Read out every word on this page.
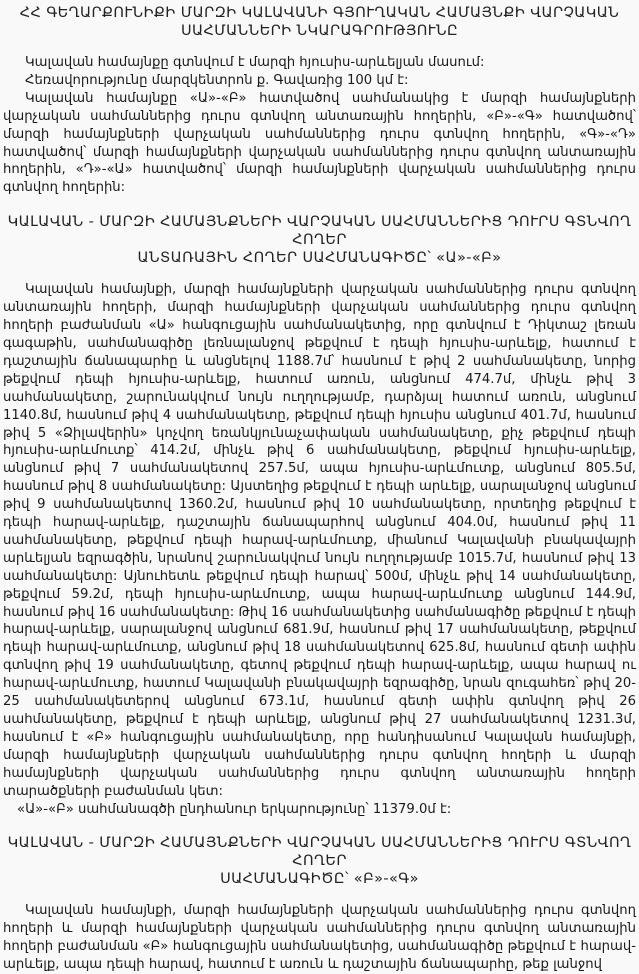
ՀՀ ԳԵՂԱՐՔՈՒՆԻՔԻ ՄԱՐԶԻ ԿԱԼԱՎԱՆԻ ԳՅՈՒՂԱԿԱՆ ՀԱՄԱՅՆՔԻ ՎԱՐՉԱԿԱՆ
ՍԱՀՄԱՆՆԵՐԻ ՆԿԱՐԱԳՐՈՒԹՅՈՒՆԸ
Կալավան համայնքը գտնվում է մարզի հյուսիս-արևելյան մասում:
Հեռավորությունը մարզկենտրոն ք. Գավառից 100 կմ է:

Կալավան համայնքը «Ա»-«Բ» հատվածով սահմանակից է մարզի համայնքների վարչական սահմաններից դուրս գտնվող անտառային հողերին, «Բ»-«Գ» հատվածով՝ մարզի համայնքների վարչական սահմաններից դուրս գտնվող հողերին, «Գ»-«Դ» հատվածով՝ մարզի համայնքների վարչական սահմաններից դուրս գտնվող անտառային հողերին, «Դ»-«Ա» հատվածով՝ մարզի համայնքների վարչական սահմաններից դուրս գտնվող հողերին:

ԿԱԼԱՎԱՆ - ՄԱՐԶԻ ՀԱՄԱՅՆՔՆԵՐԻ ՎԱՐՉԱԿԱՆ ՍԱՀՄԱՆՆԵՐԻՑ ԴՈՒՐՍ ԳՏՆՎՈՂ ՀՈՂԵՐ
ԱՆՏԱՌԱՅԻՆ ՀՈՂԵՐ ՍԱՀՄԱՆԱԳԻԾԸ՝ «Ա»-«Բ»

Կալավան համայնքի, մարզի համայնքների վարչական սահմաններից դուրս գտնվող անտառային հողերի, մարզի համայնքների վարչական սահմաններից դուրս գտնվող հողերի բաժանման «Ա» հանգուցային սահմանակետից, որը գտնվում է Դիկտաշ լեռան գագաթին, սահմանագիծը լեռնալանջով թեքվում է դեպի հյուսիս-արևելք, հատում է դաշտային ճանապարհը և անցնելով 1188.7մ՝ հասնում է թիվ 2 սահմանակետը, նորից թեքվում դեպի հյուսիս-արևելք, հատում առուն, անցնում 474.7մ, մինչև թիվ 3 սահմանակետը, շարունակվում նույն ուղղությամբ, դարձյալ հատում առուն, անցնում 1140.8մ, հասնում թիվ 4 սահմանակետը, թեքվում դեպի հյուսիս անցնում 401.7մ, հասնում թիվ 5 «Ձիլավերին» կոչվող եռանկյունաչափական սահմանակետը, քիչ թեքվում դեպի հյուսիս-արևմուտք՝ 414.2մ, մինչև թիվ 6 սահմանակետը, թեքվում հյուսիս-արևելք, անցնում թիվ 7 սահմանակետով 257.5մ, ապա հյուսիս-արևմուտք, անցնում 805.5մ, հասնում թիվ 8 սահմանակետը: Այստեղից թեքվում է դեպի արևելք, սարալանջով անցնում թիվ 9 սահմանակետով 1360.2մ, հասնում թիվ 10 սահմանակետը, որտեղից թեքվում է դեպի հարավ-արևելք, դաշտային ճանապարհով անցնում 404.0մ, հասնում թիվ 11 սահմանակետը, թեքվում դեպի հարավ-արևմուտք, միանում Կալավանի բնակավայրի արևելյան եզրագծին, նրանով շարունակվում նույն ուղղությամբ 1015.7մ, հասնում թիվ 13 սահմանակետը: Այնուհետև թեքվում դեպի հարավ՝ 500մ, մինչև թիվ 14 սահմանակետը, թեքվում 59.2մ, դեպի հյուսիս-արևմուտք, ապա հարավ-արևմուտք անցնում 144.9մ, հասնում թիվ 16 սահմանակետը: Թիվ 16 սահմանակետից սահմանագիծը թեքվում է դեպի հարավ-արևելք, սարալանջով անցնում 681.9մ, հասնում թիվ 17 սահմանակետը, թեքվում դեպի հարավ-արևմուտք, անցնում թիվ 18 սահմանակետով 625.8մ, հասնում գետի ափին գտնվող թիվ 19 սահմանակետը, գետով թեքվում դեպի հարավ-արևելք, ապա հարավ ու հարավ-արևմուտք, հատում Կալավանի բնակավայրի եզրագիծը, նրան զուգահեռ՝ թիվ 20-25 սահմանակետերով անցնում 673.1մ, հասնում գետի ափին գտնվող թիվ 26 սահմանակետը, թեքվում է դեպի արևելք, անցնում թիվ 27 սահմանակետով 1231.3մ, հասնում է «Բ» հանգուցային սահմանակետը, որը հանդիսանում Կալավան համայնքի, մարզի համայնքների վարչական սահմաններից դուրս գտնվող հողերի և մարզի համայնքների վարչական սահմաններից դուրս գտնվող անտառային հողերի տարածքների բաժանման կետ:

«Ա»-«Բ» սահմանագծի ընդհանուր երկարությունը՝ 11379.0մ է:
ԿԱԼԱՎԱՆ - ՄԱՐԶԻ ՀԱՄԱՅՆՔՆԵՐԻ ՎԱՐՉԱԿԱՆ ՍԱՀՄԱՆՆԵՐԻՑ ԴՈՒՐՍ ԳՏՆՎՈՂ ՀՈՂԵՐ
ՍԱՀՄԱՆԱԳԻԾԸ՝ «Բ»-«Գ»

Կալավան համայնքի, մարզի համայնքների վարչական սահմաններից դուրս գտնվող հողերի և մարզի համայնքների վարչական սահմաններից դուրս գտնվող անտառային հողերի բաժանման «Բ» հանգուցային սահմանակետից, սահմանագիծը թեքվում է հարավ-արևելք, ապա դեպի հարավ, հատում է առուն և դաշտային ճանապարհը, թեք լանջով
